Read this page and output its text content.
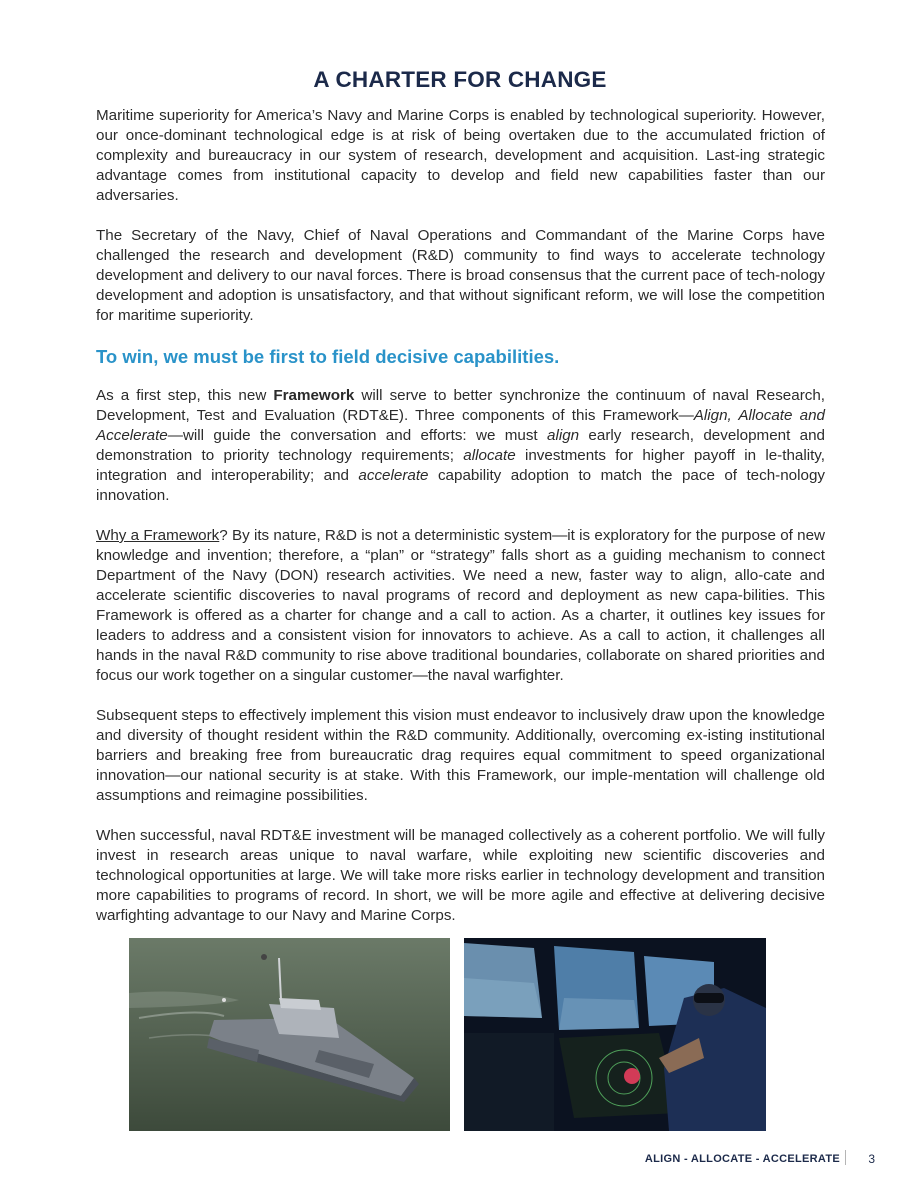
A CHARTER FOR CHANGE

Maritime superiority for America’s Navy and Marine Corps is enabled by technological superiority. However, our once-dominant technological edge is at risk of being overtaken due to the accumulated friction of complexity and bureaucracy in our system of research, development and acquisition. Last-ing strategic advantage comes from institutional capacity to develop and field new capabilities faster than our adversaries.

The Secretary of the Navy, Chief of Naval Operations and Commandant of the Marine Corps have challenged the research and development (R&D) community to find ways to accelerate technology development and delivery to our naval forces. There is broad consensus that the current pace of tech-nology development and adoption is unsatisfactory, and that without significant reform, we will lose the competition for maritime superiority.

To win, we must be first to field decisive capabilities.

As a first step, this new Framework will serve to better synchronize the continuum of naval Research, Development, Test and Evaluation (RDT&E). Three components of this Framework—Align, Allocate and Accelerate—will guide the conversation and efforts: we must align early research, development and demonstration to priority technology requirements; allocate investments for higher payoff in le-thality, integration and interoperability; and accelerate capability adoption to match the pace of tech-nology innovation.

Why a Framework? By its nature, R&D is not a deterministic system—it is exploratory for the purpose of new knowledge and invention; therefore, a “plan” or “strategy” falls short as a guiding mechanism to connect Department of the Navy (DON) research activities. We need a new, faster way to align, allo-cate and accelerate scientific discoveries to naval programs of record and deployment as new capa-bilities. This Framework is offered as a charter for change and a call to action. As a charter, it outlines key issues for leaders to address and a consistent vision for innovators to achieve. As a call to action, it challenges all hands in the naval R&D community to rise above traditional boundaries, collaborate on shared priorities and focus our work together on a singular customer—the naval warfighter.

Subsequent steps to effectively implement this vision must endeavor to inclusively draw upon the knowledge and diversity of thought resident within the R&D community. Additionally, overcoming ex-isting institutional barriers and breaking free from bureaucratic drag requires equal commitment to speed organizational innovation—our national security is at stake. With this Framework, our imple-mentation will challenge old assumptions and reimagine possibilities.

When successful, naval RDT&E investment will be managed collectively as a coherent portfolio. We will fully invest in research areas unique to naval warfare, while exploiting new scientific discoveries and technological opportunities at large. We will take more risks earlier in technology development and transition more capabilities to programs of record. In short, we will be more agile and effective at delivering decisive warfighting advantage to our Navy and Marine Corps.

ALIGN - ALLOCATE - ACCELERATE 3
